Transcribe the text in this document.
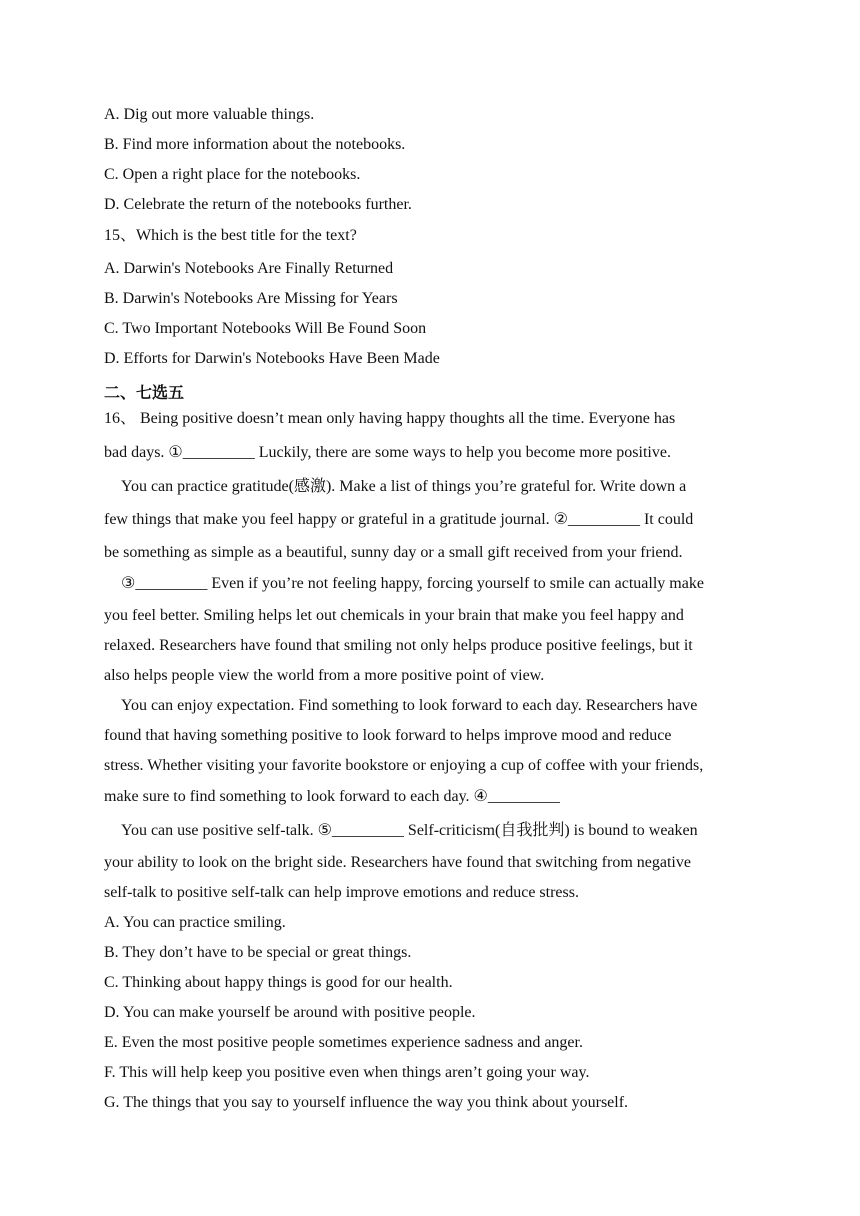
A. Dig out more valuable things.
B. Find more information about the notebooks.
C. Open a right place for the notebooks.
D. Celebrate the return of the notebooks further.
15、Which is the best title for the text?
A. Darwin's Notebooks Are Finally Returned
B. Darwin's Notebooks Are Missing for Years
C. Two Important Notebooks Will Be Found Soon
D. Efforts for Darwin's Notebooks Have Been Made
二、七选五
16、 Being positive doesn’t mean only having happy thoughts all the time. Everyone has
bad days. ①_________ Luckily, there are some ways to help you become more positive.
You can practice gratitude(感激). Make a list of things you’re grateful for. Write down a
few things that make you feel happy or grateful in a gratitude journal. ②_________ It could
be something as simple as a beautiful, sunny day or a small gift received from your friend.
③_________ Even if you’re not feeling happy, forcing yourself to smile can actually make
you feel better. Smiling helps let out chemicals in your brain that make you feel happy and
relaxed. Researchers have found that smiling not only helps produce positive feelings, but it
also helps people view the world from a more positive point of view.
You can enjoy expectation. Find something to look forward to each day. Researchers have
found that having something positive to look forward to helps improve mood and reduce
stress. Whether visiting your favorite bookstore or enjoying a cup of coffee with your friends,
make sure to find something to look forward to each day. ④_________
You can use positive self-talk. ⑤_________ Self-criticism(自我批判) is bound to weaken
your ability to look on the bright side. Researchers have found that switching from negative
self-talk to positive self-talk can help improve emotions and reduce stress.
A. You can practice smiling.
B. They don’t have to be special or great things.
C. Thinking about happy things is good for our health.
D. You can make yourself be around with positive people.
E. Even the most positive people sometimes experience sadness and anger.
F. This will help keep you positive even when things aren’t going your way.
G. The things that you say to yourself influence the way you think about yourself.
